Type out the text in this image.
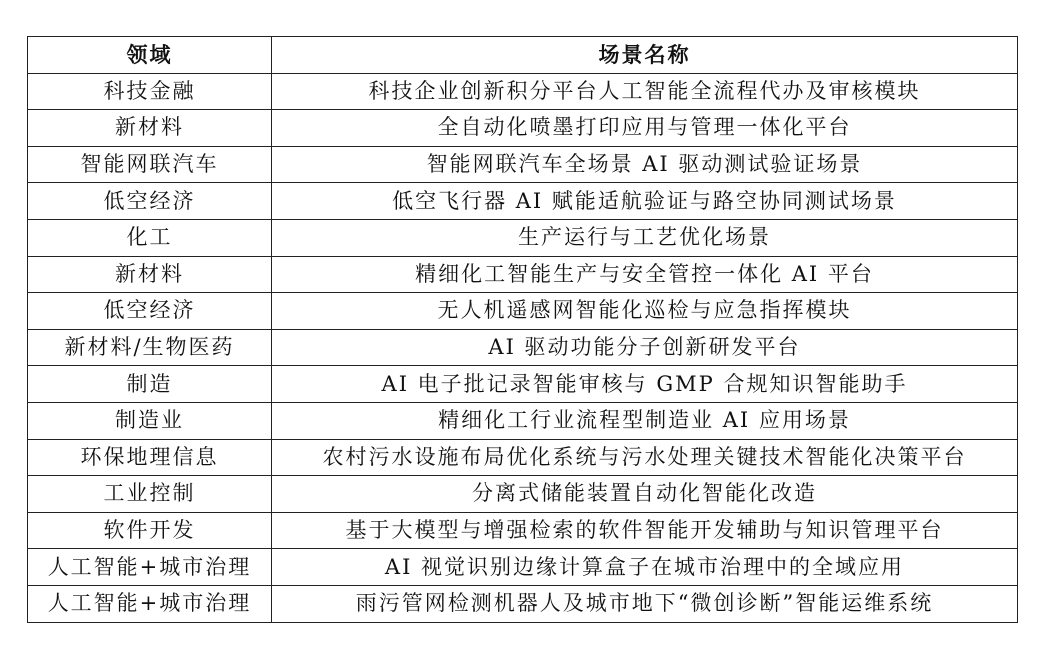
领域	场景名称
科技金融	科技企业创新积分平台人工智能全流程代办及审核模块
新材料	全自动化喷墨打印应用与管理一体化平台
智能网联汽车	智能网联汽车全场景 AI 驱动测试验证场景
低空经济	低空飞行器 AI 赋能适航验证与路空协同测试场景
化工	生产运行与工艺优化场景
新材料	精细化工智能生产与安全管控一体化 AI 平台
低空经济	无人机遥感网智能化巡检与应急指挥模块
新材料/生物医药	AI 驱动功能分子创新研发平台
制造	AI 电子批记录智能审核与 GMP 合规知识智能助手
制造业	精细化工行业流程型制造业 AI 应用场景
环保地理信息	农村污水设施布局优化系统与污水处理关键技术智能化决策平台
工业控制	分离式储能装置自动化智能化改造
软件开发	基于大模型与增强检索的软件智能开发辅助与知识管理平台
人工智能+城市治理	AI 视觉识别边缘计算盒子在城市治理中的全域应用
人工智能+城市治理	雨污管网检测机器人及城市地下“微创诊断”智能运维系统
